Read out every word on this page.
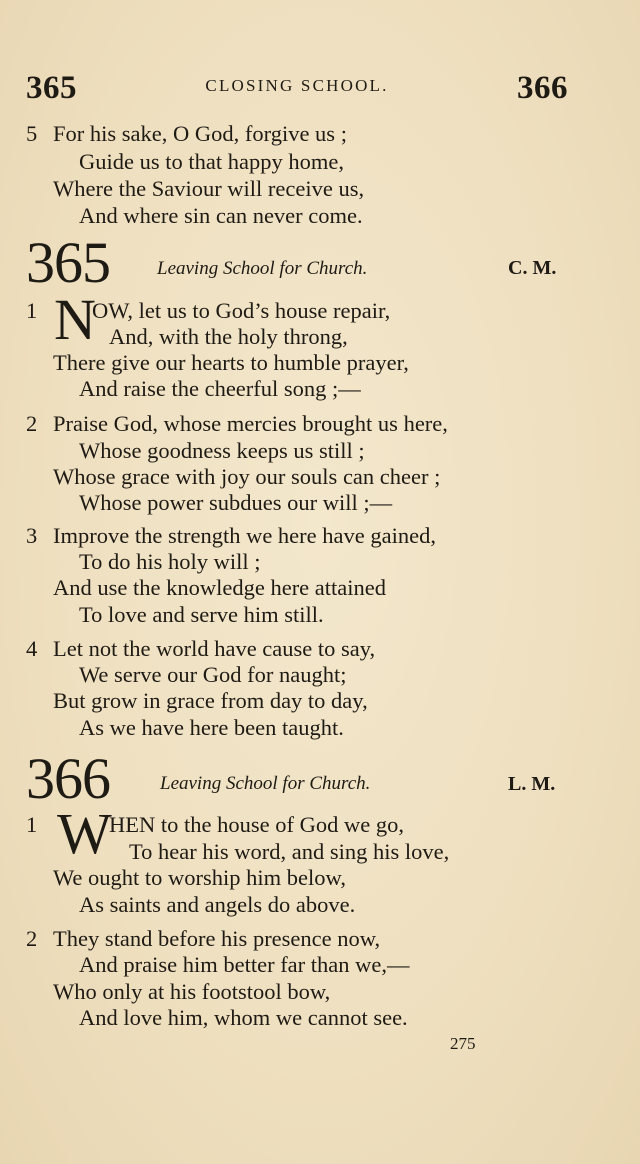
365	CLOSING SCHOOL.	366
5 For his sake, O God, forgive us ;
Guide us to that happy home,
Where the Saviour will receive us,
And where sin can never come.
365 Leaving School for Church.	C. M.
1 N
OW, let us to God’s house repair,
And, with the holy throng,
There give our hearts to humble prayer,
And raise the cheerful song ;—
2 Praise God, whose mercies brought us here,
Whose goodness keeps us still ;
Whose grace with joy our souls can cheer ;
Whose power subdues our will ;—
3 Improve the strength we here have gained,
To do his holy will ;
And use the knowledge here attained
To love and serve him still.
4 Let not the world have cause to say,
We serve our God for naught;
But grow in grace from day to day,
As we have here been taught.
366	Leaving School for Church.	L. M.
1 W
HEN to the house of God we go,
To hear his word, and sing his love,
We ought to worship him below,
As saints and angels do above.
2 They stand before his presence now,
And praise him better far than we,—
Who only at his footstool bow,
And love him, whom we cannot see.
275
